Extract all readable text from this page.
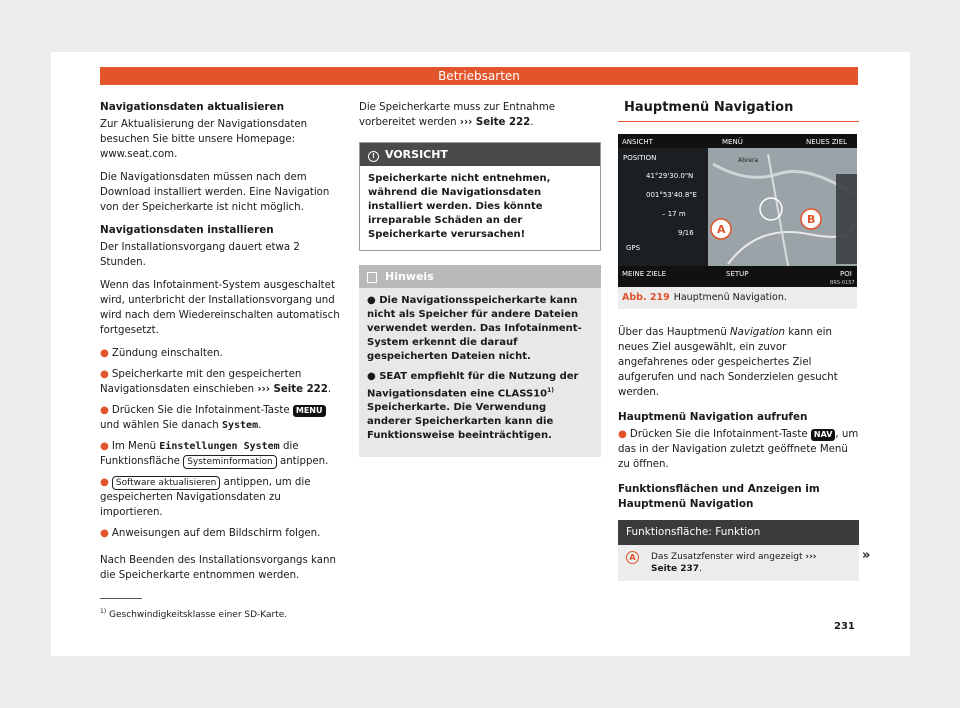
Betriebsarten
Navigationsdaten aktualisieren

Zur Aktualisierung der Navigationsdaten besuchen Sie bitte unsere Homepage: www.seat.com.

Die Navigationsdaten müssen nach dem Download installiert werden. Eine Navigation von der Speicherkarte ist nicht möglich.

Navigationsdaten installieren

Der Installationsvorgang dauert etwa 2 Stunden.

Wenn das Infotainment-System ausgeschaltet wird, unterbricht der Installationsvorgang und wird nach dem Wiedereinschalten automatisch fortgesetzt.

● Zündung einschalten.
● Speicherkarte mit den gespeicherten Navigationsdaten einschieben ››› Seite 222.
● Drücken Sie die Infotainment-Taste MENU und wählen Sie danach System.
● Im Menü Einstellungen System die Funktionsfläche Systeminformation antippen.
● Software aktualisieren antippen, um die gespeicherten Navigationsdaten zu importieren.
● Anweisungen auf dem Bildschirm folgen.

Nach Beenden des Installationsvorgangs kann die Speicherkarte entnommen werden.

Die Speicherkarte muss zur Entnahme vorbereitet werden ››› Seite 222.

! VORSICHT
Speicherkarte nicht entnehmen, während die Navigationsdaten installiert werden. Dies könnte irreparable Schäden an der Speicherkarte verursachen!
Hinweis

● Die Navigationsspeicherkarte kann nicht als Speicher für andere Dateien verwendet werden. Das Infotainment-System erkennt die darauf gespeicherten Dateien nicht.

● SEAT empfiehlt für die Nutzung der Navigationsdaten eine CLASS10$^{1)}$ Speicherkarte. Die Verwendung anderer Speicherkarten kann die Funktionsweise beeinträchtigen.

Hauptmenü Navigation
ANSICHT	MENÜ	NEUES ZIEL
Abrera
POSITION
41°29'30.0"N
001°53'40.8"E
– 17 m
9/16
GPS
A
B
MEINE ZIELE	SETUP	POI
BRS-0157
Abb. 219 Hauptmenü Navigation.

Über das Hauptmenü Navigation kann ein neues Ziel ausgewählt, ein zuvor angefahrenes oder gespeichertes Ziel aufgerufen und nach Sonderzielen gesucht werden.

Hauptmenü Navigation aufrufen
● Drücken Sie die Infotainment-Taste NAV , um das in der Navigation zuletzt geöffnete Menü zu öffnen.
Funktionsflächen und Anzeigen im Hauptmenü Navigation
Funktionsfläche: Funktion
A Das Zusatzfenster wird angezeigt ››› Seite 237.
»
$^{1)}$ Geschwindigkeitsklasse einer SD-Karte.
231
